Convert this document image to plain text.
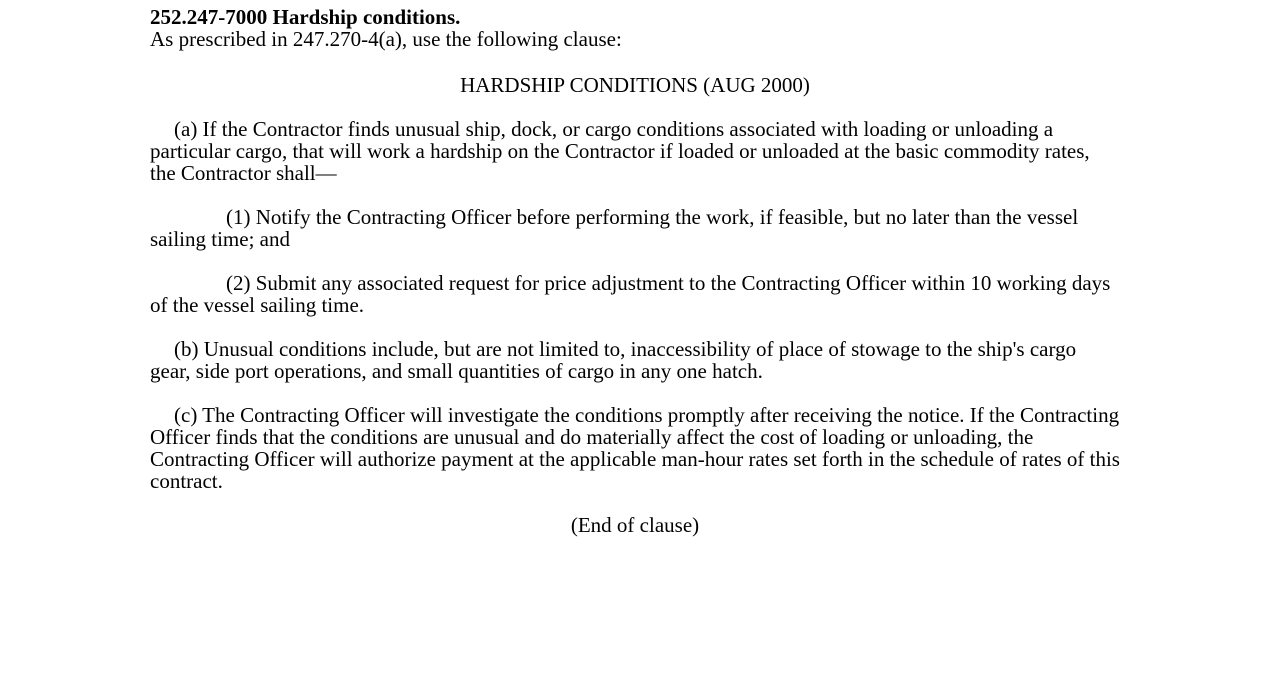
252.247-7000 Hardship conditions.

As prescribed in 247.270-4(a), use the following clause:

HARDSHIP CONDITIONS (AUG 2000)

(a) If the Contractor finds unusual ship, dock, or cargo conditions associated with loading or unloading a particular cargo, that will work a hardship on the Contractor if loaded or unloaded at the basic commodity rates, the Contractor shall—

(1) Notify the Contracting Officer before performing the work, if feasible, but no later than the vessel sailing time; and

(2) Submit any associated request for price adjustment to the Contracting Officer within 10 working days of the vessel sailing time.

(b) Unusual conditions include, but are not limited to, inaccessibility of place of stowage to the ship's cargo gear, side port operations, and small quantities of cargo in any one hatch.

(c) The Contracting Officer will investigate the conditions promptly after receiving the notice. If the Contracting Officer finds that the conditions are unusual and do materially affect the cost of loading or unloading, the Contracting Officer will authorize payment at the applicable man-hour rates set forth in the schedule of rates of this contract.

(End of clause)
